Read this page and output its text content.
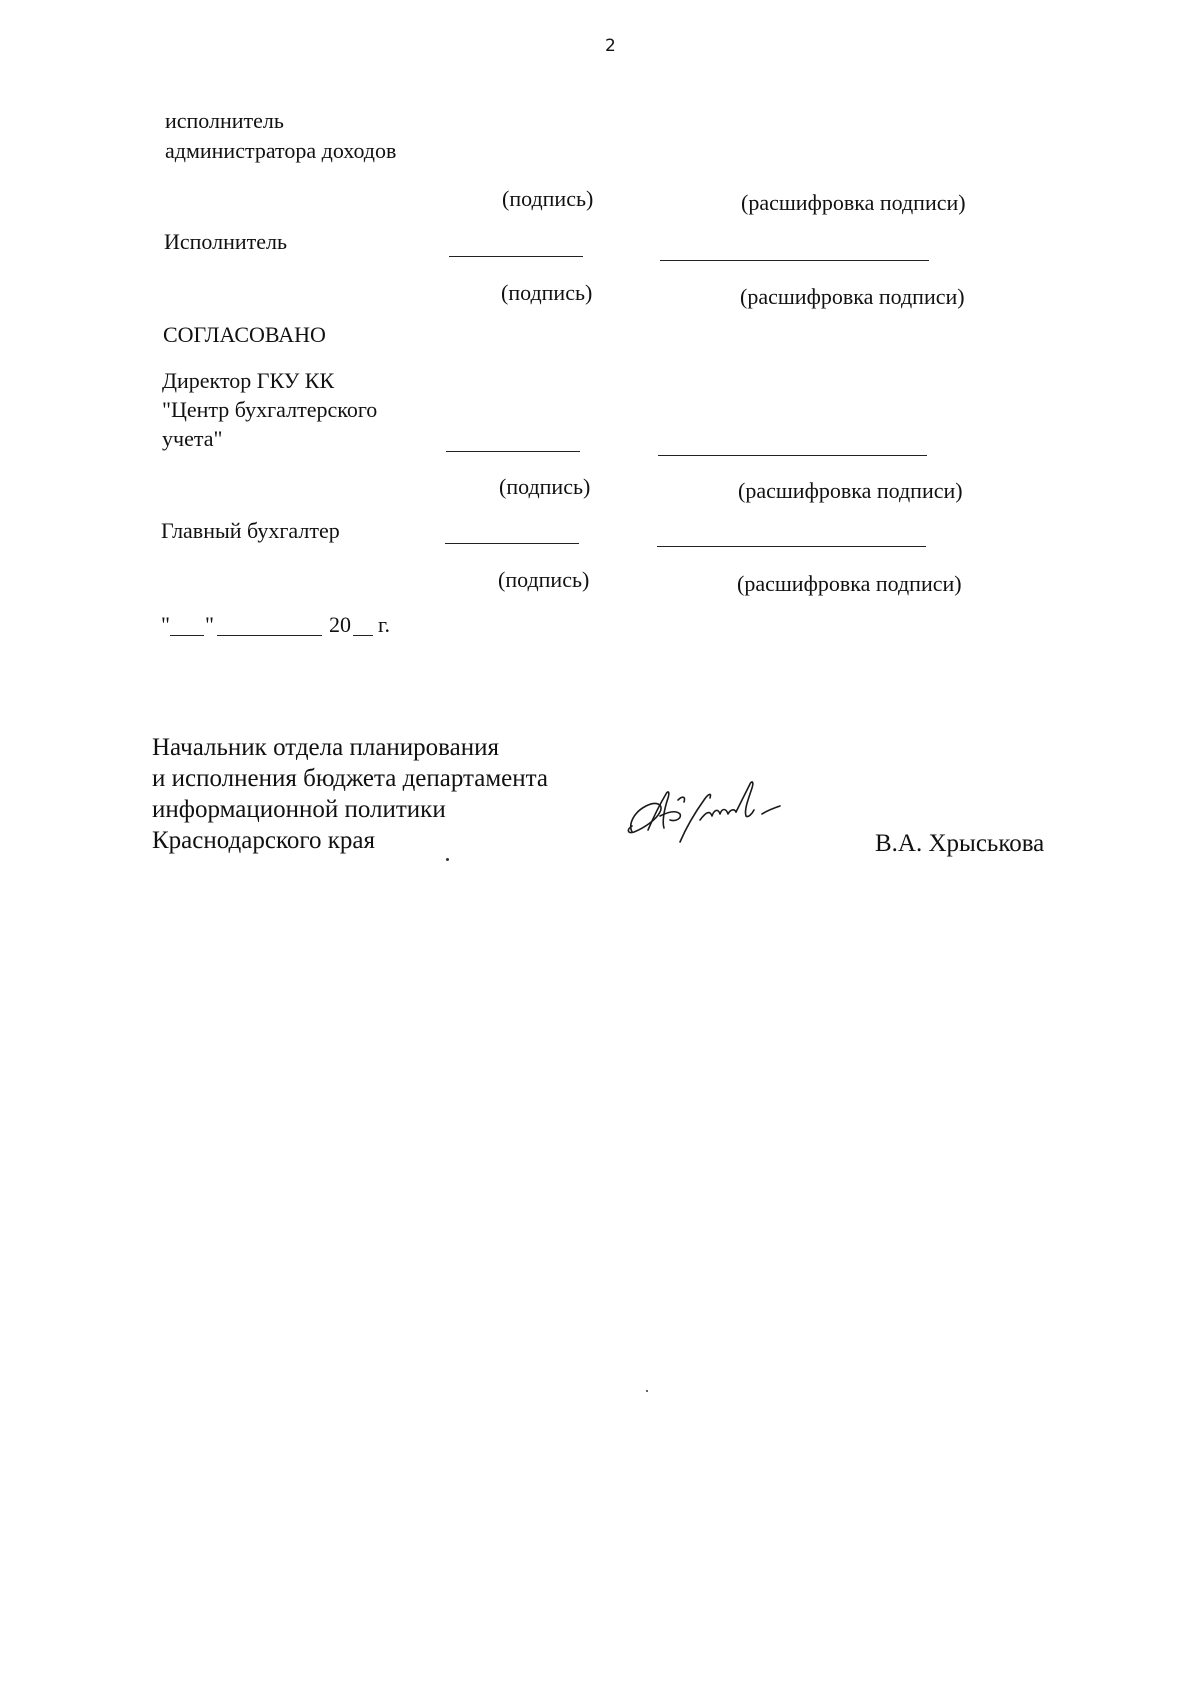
2
исполнитель
администратора доходов
(подпись)	(расшифровка подписи)
Исполнитель
(подпись)	(расшифровка подписи)
СОГЛАСОВАНО
Директор ГКУ КК
"Центр бухгалтерского
учета"
(подпись)	(расшифровка подписи)
Главный бухгалтер
(подпись)	(расшифровка подписи)
" "	20 г.
Начальник отдела планирования
и исполнения бюджета департамента
информационной политики
Краснодарского края	В.А. Хрыськова
